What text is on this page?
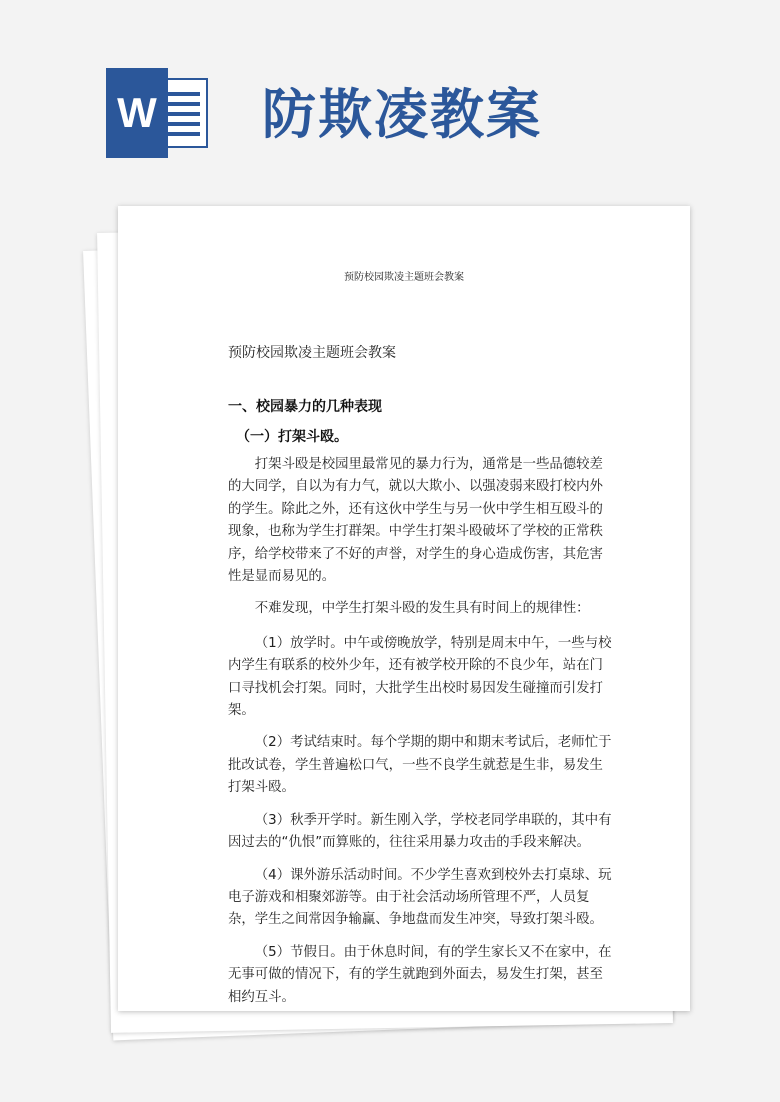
W 防欺凌教案
预防校园欺凌主题班会教案
预防校园欺凌主题班会教案
一、校园暴力的几种表现
（一）打架斗殴。

打架斗殴是校园里最常见的暴力行为，通常是一些品德较差的大同学，自以为有力气，就以大欺小、以强凌弱来殴打校内外的学生。除此之外，还有这伙中学生与另一伙中学生相互殴斗的现象，也称为学生打群架。中学生打架斗殴破坏了学校的正常秩序，给学校带来了不好的声誉，对学生的身心造成伤害，其危害性是显而易见的。

不难发现，中学生打架斗殴的发生具有时间上的规律性：

（1）放学时。中午或傍晚放学，特别是周末中午，一些与校内学生有联系的校外少年，还有被学校开除的不良少年，站在门口寻找机会打架。同时，大批学生出校时易因发生碰撞而引发打架。

（2）考试结束时。每个学期的期中和期末考试后，老师忙于批改试卷，学生普遍松口气，一些不良学生就惹是生非，易发生打架斗殴。

（3）秋季开学时。新生刚入学，学校老同学串联的，其中有因过去的“仇恨”而算账的，往往采用暴力攻击的手段来解决。

（4）课外游乐活动时间。不少学生喜欢到校外去打桌球、玩电子游戏和相聚郊游等。由于社会活动场所管理不严，人员复杂，学生之间常因争输赢、争地盘而发生冲突，导致打架斗殴。

（5）节假日。由于休息时间，有的学生家长又不在家中，在无事可做的情况下，有的学生就跑到外面去，易发生打架，甚至相约互斗。
